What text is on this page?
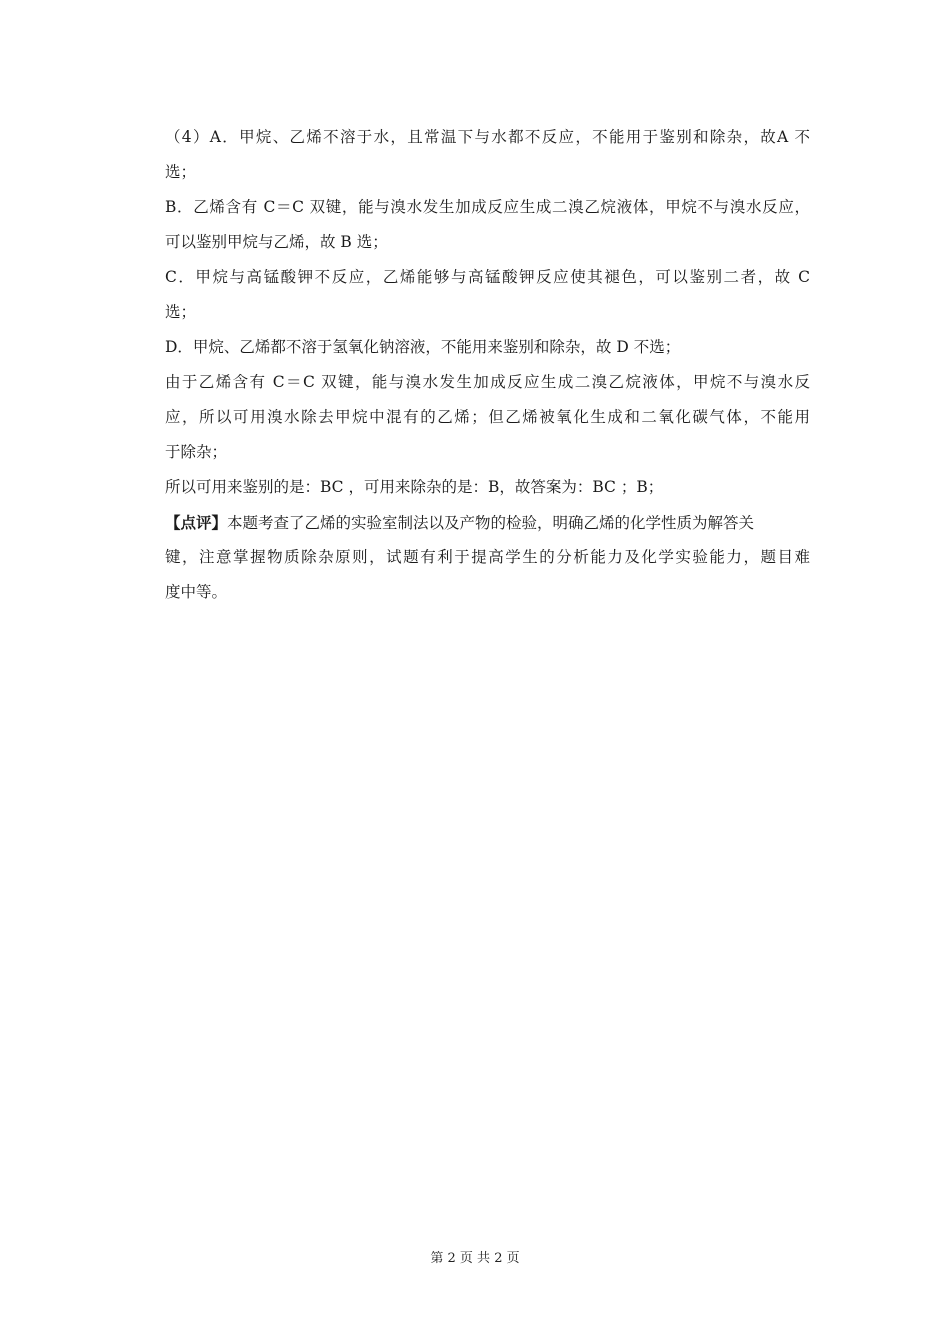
（4）A．甲烷、乙烯不溶于水，且常温下与水都不反应，不能用于鉴别和除杂，故A 不
选；
B．乙烯含有 C＝C 双键，能与溴水发生加成反应生成二溴乙烷液体，甲烷不与溴水反应，
可以鉴别甲烷与乙烯，故 B 选；
C．甲烷与高锰酸钾不反应，乙烯能够与高锰酸钾反应使其褪色，可以鉴别二者，故 C
选；
D．甲烷、乙烯都不溶于氢氧化钠溶液，不能用来鉴别和除杂，故 D 不选；
由于乙烯含有 C＝C 双键，能与溴水发生加成反应生成二溴乙烷液体，甲烷不与溴水反
应，所以可用溴水除去甲烷中混有的乙烯；但乙烯被氧化生成和二氧化碳气体，不能用
于除杂；
所以可用来鉴别的是：BC ，可用来除杂的是：B，故答案为：BC ；B；
【点评】本题考查了乙烯的实验室制法以及产物的检验，明确乙烯的化学性质为解答关
键，注意掌握物质除杂原则，试题有利于提高学生的分析能力及化学实验能力，题目难
度中等。
第 2 页 共 2 页
